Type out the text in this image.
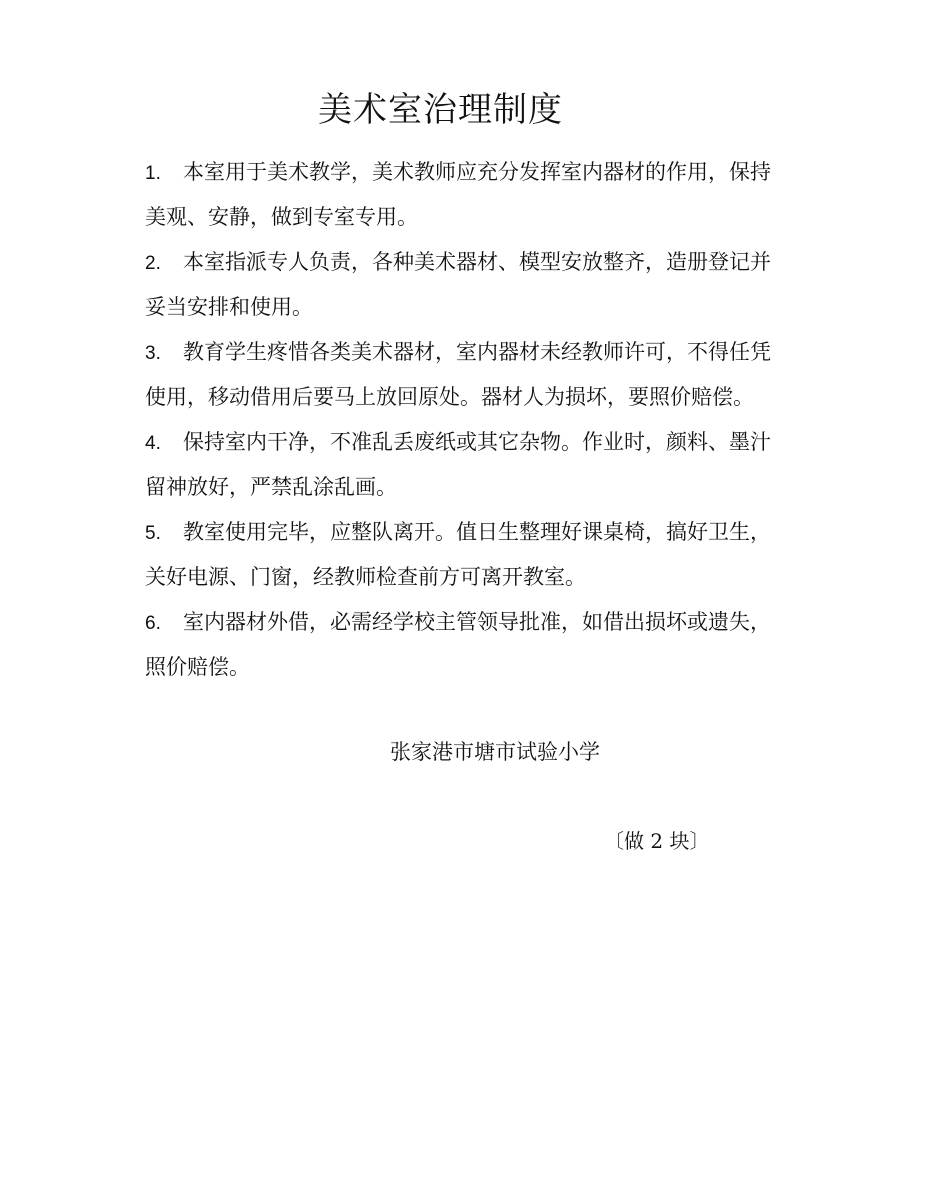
美术室治理制度
1. 本室用于美术教学，美术教师应充分发挥室内器材的作用，保持
美观、安静，做到专室专用。
2. 本室指派专人负责，各种美术器材、模型安放整齐，造册登记并
妥当安排和使用。
3. 教育学生疼惜各类美术器材，室内器材未经教师许可，不得任凭
使用，移动借用后要马上放回原处。器材人为损坏，要照价赔偿。
4. 保持室内干净，不准乱丢废纸或其它杂物。作业时，颜料、墨汁
留神放好，严禁乱涂乱画。
5. 教室使用完毕，应整队离开。值日生整理好课桌椅，搞好卫生，
关好电源、门窗，经教师检查前方可离开教室。
6. 室内器材外借，必需经学校主管领导批准，如借出损坏或遗失，
照价赔偿。
张家港市塘市试验小学
〔做 2 块〕
